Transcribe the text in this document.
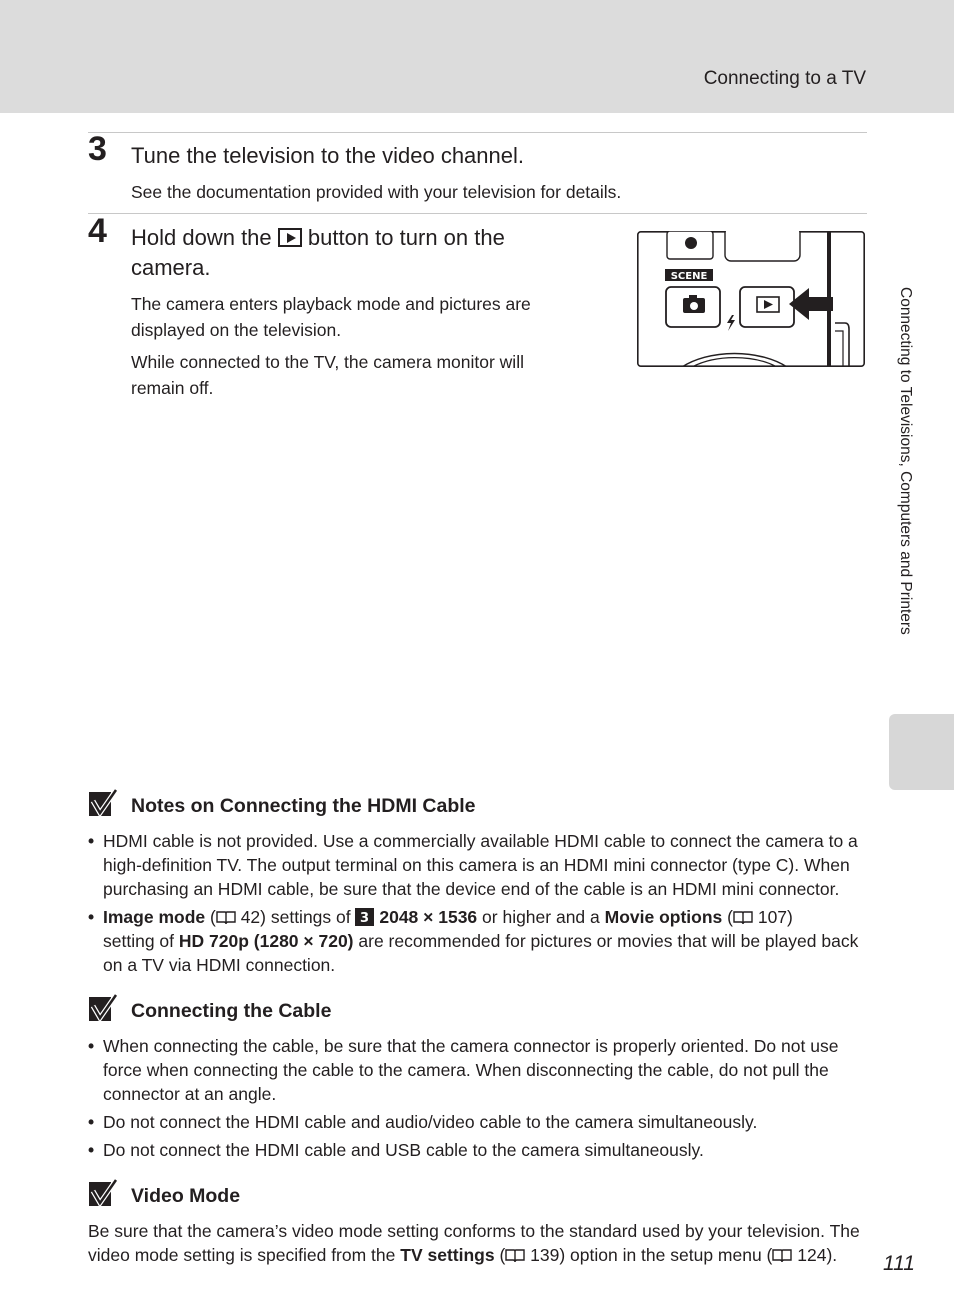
Connecting to a TV
3 Tune the television to the video channel.
See the documentation provided with your television for details.
4 Hold down the button to turn on the
camera.
The camera enters playback mode and pictures are displayed on the television.
While connected to the TV, the camera monitor will remain off.
SCENE
Connecting to Televisions, Computers and Printers
Notes on Connecting the HDMI Cable
• HDMI cable is not provided. Use a commercially available HDMI cable to connect the camera to a high-definition TV. The output terminal on this camera is an HDMI mini connector (type C). When purchasing an HDMI cable, be sure that the device end of the cable is an HDMI mini connector.
• Image mode ( 42) settings of 3 2048 × 1536 or higher and a Movie options ( 107)
setting of HD 720p (1280 × 720) are recommended for pictures or movies that will be played back on a TV via HDMI connection.
Connecting the Cable
• When connecting the cable, be sure that the camera connector is properly oriented. Do not use force when connecting the cable to the camera. When disconnecting the cable, do not pull the connector at an angle.
• Do not connect the HDMI cable and audio/video cable to the camera simultaneously.
• Do not connect the HDMI cable and USB cable to the camera simultaneously.
Video Mode
Be sure that the camera’s video mode setting conforms to the standard used by your television. The video mode setting is specified from the TV settings ( 139) option in the setup menu ( 124).	111
